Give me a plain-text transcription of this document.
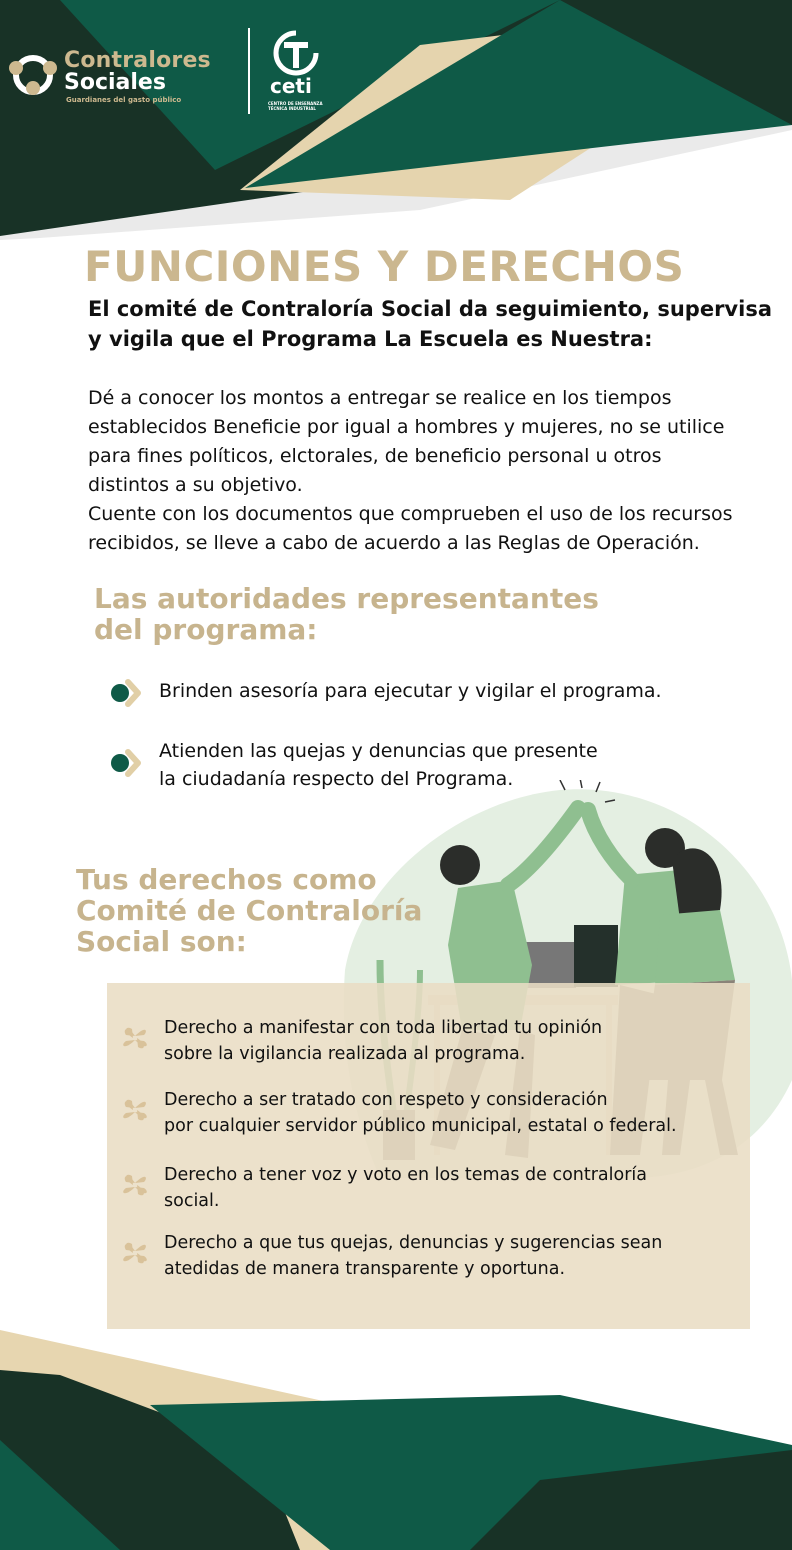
Contralores
Sociales
Guardianes del gasto público
ceti
CENTRO DE ENSEÑANZA TÉCNICA INDUSTRIAL
FUNCIONES Y DERECHOS
El comité de Contraloría Social da seguimiento, supervisa
y vigila que el Programa La Escuela es Nuestra:
Dé a conocer los montos a entregar se realice en los tiempos
establecidos Beneficie por igual a hombres y mujeres, no se utilice
para fines políticos, elctorales, de beneficio personal u otros
distintos a su objetivo.
Cuente con los documentos que comprueben el uso de los recursos
recibidos, se lleve a cabo de acuerdo a las Reglas de Operación.
Las autoridades representantes
del programa:
Brinden asesoría para ejecutar y vigilar el programa.
Atienden las quejas y denuncias que presente
la ciudadanía respecto del Programa.
Tus derechos como
Comité de Contraloría
Social son:
Derecho a manifestar con toda libertad tu opinión
sobre la vigilancia realizada al programa.
Derecho a ser tratado con respeto y consideración
por cualquier servidor público municipal, estatal o federal.
Derecho a tener voz y voto en los temas de contraloría
social.
Derecho a que tus quejas, denuncias y sugerencias sean
atedidas de manera transparente y oportuna.
